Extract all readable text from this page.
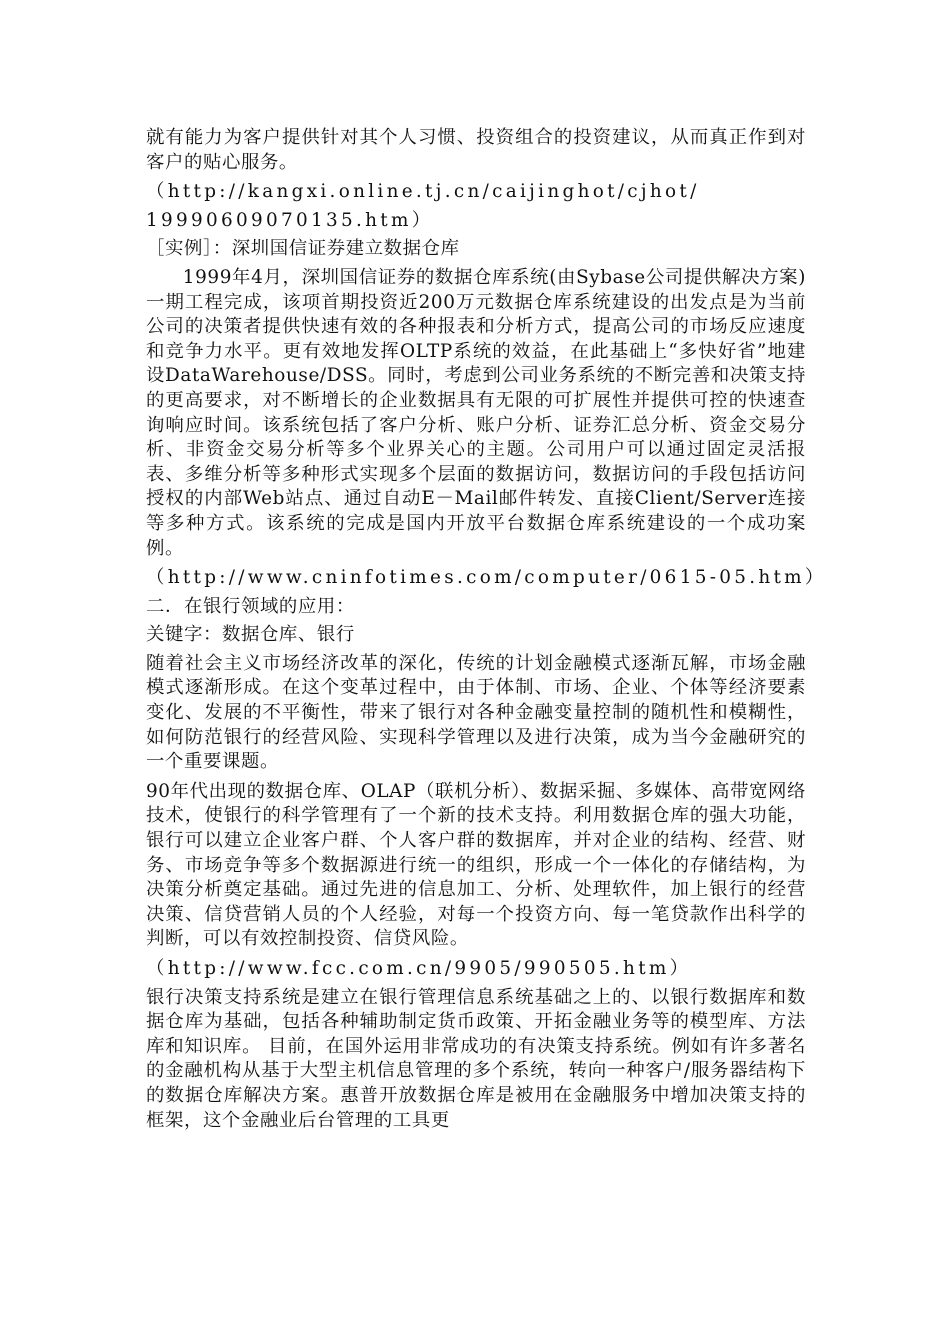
就有能力为客户提供针对其个人习惯、投资组合的投资建议，从而真正作到对客户的贴心服务。

（http://kangxi.online.tj.cn/caijinghot/cjhot/
19990609070135.htm）
［实例］：深圳国信证券建立数据仓库

1999年4月，深圳国信证券的数据仓库系统(由Sybase公司提供解决方案)一期工程完成，该项首期投资近200万元数据仓库系统建设的出发点是为当前公司的决策者提供快速有效的各种报表和分析方式，提高公司的市场反应速度和竞争力水平。更有效地发挥OLTP系统的效益，在此基础上“多快好省”地建设DataWarehouse/DSS。同时，考虑到公司业务系统的不断完善和决策支持的更高要求，对不断增长的企业数据具有无限的可扩展性并提供可控的快速查询响应时间。该系统包括了客户分析、账户分析、证券汇总分析、资金交易分析、非资金交易分析等多个业界关心的主题。公司用户可以通过固定灵活报表、多维分析等多种形式实现多个层面的数据访问，数据访问的手段包括访问授权的内部Web站点、通过自动E－Mail邮件转发、直接Client/Server连接等多种方式。该系统的完成是国内开放平台数据仓库系统建设的一个成功案例。

（http://www.cninfotimes.com/computer/0615-05.htm）
二．在银行领域的应用：
关键字：数据仓库、银行

随着社会主义市场经济改革的深化，传统的计划金融模式逐渐瓦解，市场金融模式逐渐形成。在这个变革过程中，由于体制、市场、企业、个体等经济要素变化、发展的不平衡性，带来了银行对各种金融变量控制的随机性和模糊性，如何防范银行的经营风险、实现科学管理以及进行决策，成为当今金融研究的一个重要课题。

90年代出现的数据仓库、OLAP（联机分析）、数据采掘、多媒体、高带宽网络技术，使银行的科学管理有了一个新的技术支持。利用数据仓库的强大功能，银行可以建立企业客户群、个人客户群的数据库，并对企业的结构、经营、财务、市场竞争等多个数据源进行统一的组织，形成一个一体化的存储结构，为决策分析奠定基础。通过先进的信息加工、分析、处理软件，加上银行的经营决策、信贷营销人员的个人经验，对每一个投资方向、每一笔贷款作出科学的判断，可以有效控制投资、信贷风险。

（http://www.fcc.com.cn/9905/990505.htm）

银行决策支持系统是建立在银行管理信息系统基础之上的、以银行数据库和数据仓库为基础，包括各种辅助制定货币政策、开拓金融业务等的模型库、方法库和知识库。 目前，在国外运用非常成功的有决策支持系统。例如有许多著名的金融机构从基于大型主机信息管理的多个系统，转向一种客户/服务器结构下的数据仓库解决方案。惠普开放数据仓库是被用在金融服务中增加决策支持的框架，这个金融业后台管理的工具更
